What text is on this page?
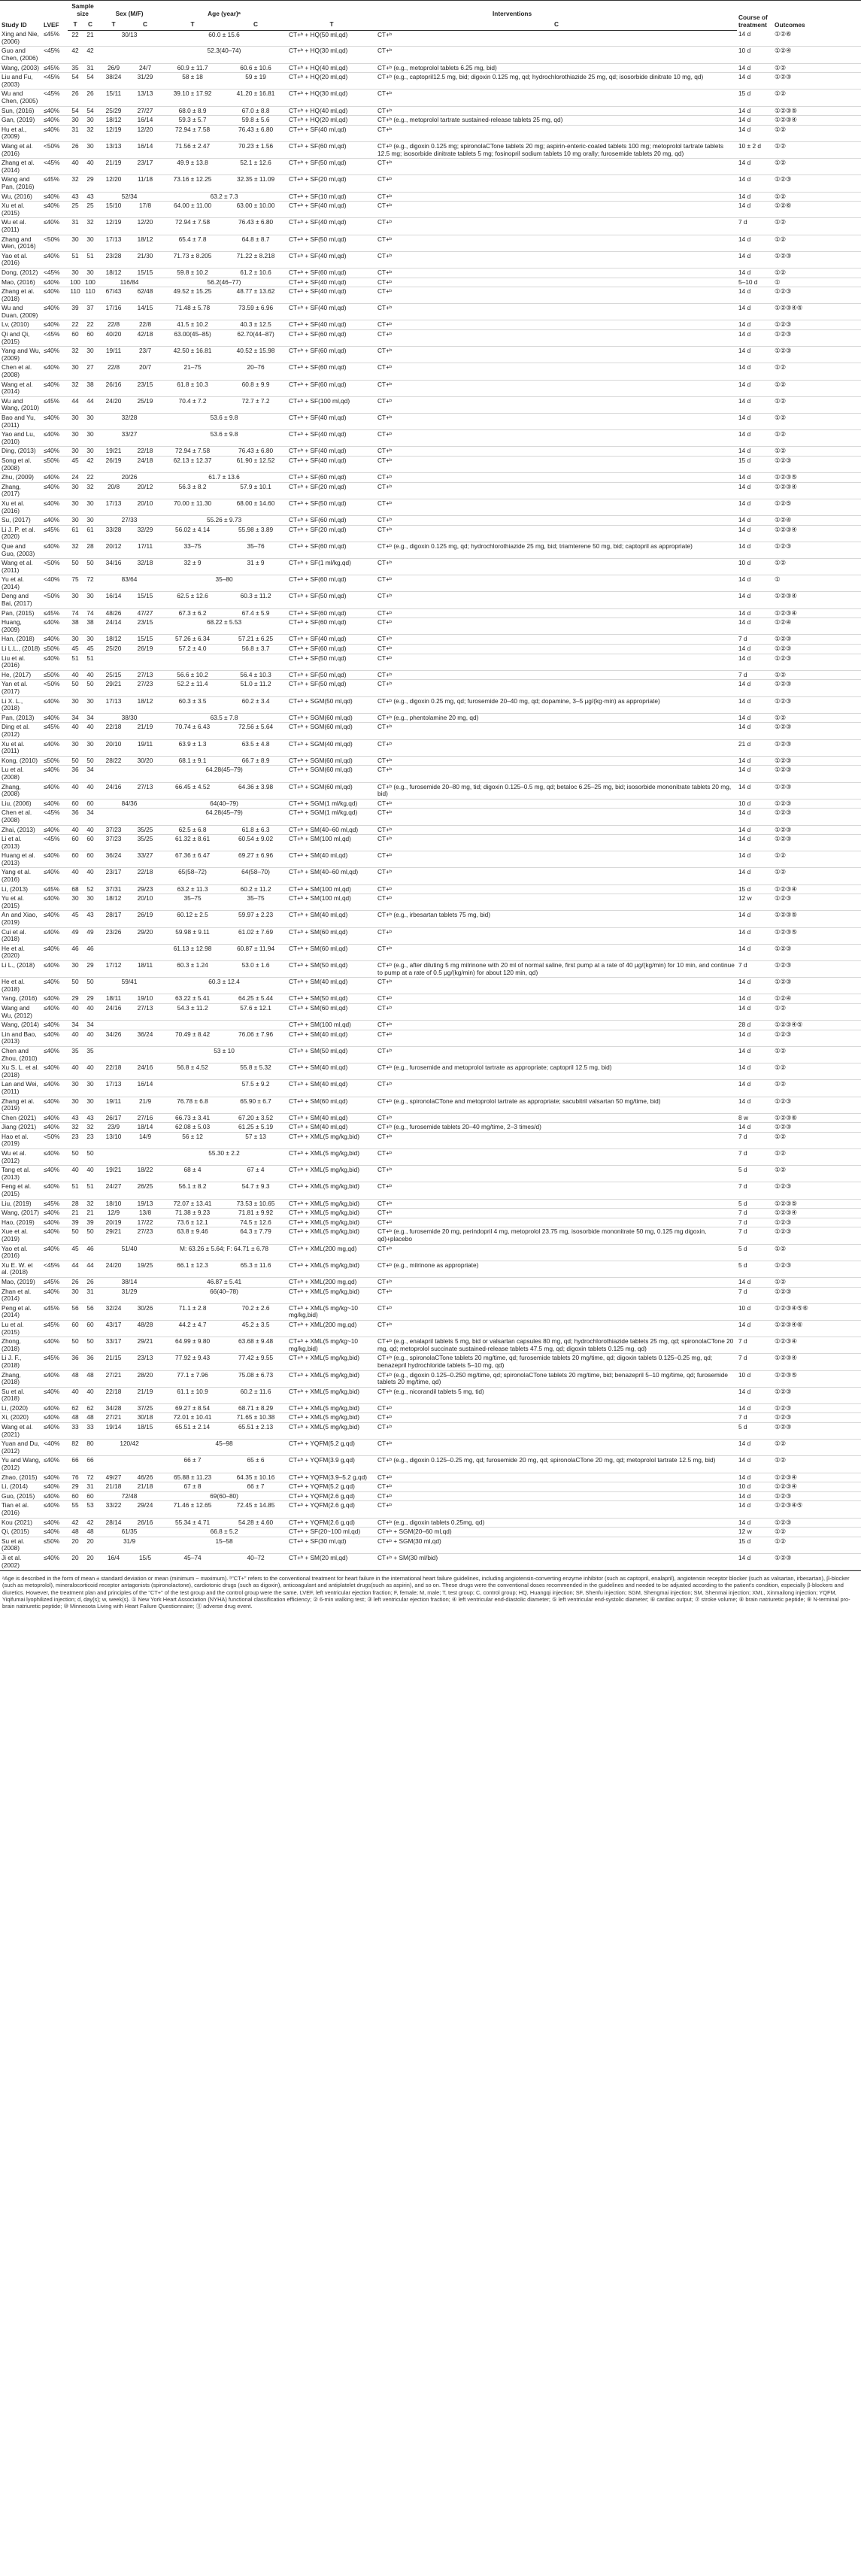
Study ID	LVEF	Sample size		Sex (M/F)		Age (year)ᵃ		Interventions		Course of treatment	Outcomes
		T	C	T	C	T	C	T	C		
Xing and Nie, (2006)	≤45%	22	21	30/13		60.0 ± 15.6		CT+ᵇ + HQ(50 ml,qd)	CT+ᵇ	14 d	①②⑥
Guo and Chen, (2006)	<45%	42	42			52.3(40–74)		CT+ᵇ + HQ(30 ml,qd)	CT+ᵇ	10 d	①②④
Wang, (2003)	≤45%	35	31	26/9	24/7	60.9 ± 11.7	60.6 ± 10.6	CT+ᵇ + HQ(40 ml,qd)	CT+ᵇ (e.g., metoprolol tablets 6.25 mg, bid)	14 d	①②
Liu and Fu, (2003)	<45%	54	54	38/24	31/29	58 ± 18	59 ± 19	CT+ᵇ + HQ(20 ml,qd)	CT+ᵇ (e.g., captopril12.5 mg, bid; digoxin 0.125 mg, qd; hydrochlorothiazide 25 mg, qd; isosorbide dinitrate 10 mg, qd)	14 d	①②③
Wu and Chen, (2005)	<45%	26	26	15/11	13/13	39.10 ± 17.92	41.20 ± 16.81	CT+ᵇ + HQ(30 ml,qd)	CT+ᵇ	15 d	①②
Sun, (2016)	≤40%	54	54	25/29	27/27	68.0 ± 8.9	67.0 ± 8.8	CT+ᵇ + HQ(40 ml,qd)	CT+ᵇ	14 d	①②③⑤
Gan, (2019)	≤40%	30	30	18/12	16/14	59.3 ± 5.7	59.8 ± 5.6	CT+ᵇ + HQ(20 ml,qd)	CT+ᵇ (e.g., metoprolol tartrate sustained-release tablets 25 mg, qd)	14 d	①②③④
Hu et al., (2009)	≤40%	31	32	12/19	12/20	72.94 ± 7.58	76.43 ± 6.80	CT+ᵇ + SF(40 ml,qd)	CT+ᵇ	14 d	①②
Wang et al. (2016)	<50%	26	30	13/13	16/14	71.56 ± 2.47	70.23 ± 1.56	CT+ᵇ + SF(60 ml,qd)	CT+ᵇ (e.g., digoxin 0.125 mg; spironolaCTone tablets 20 mg; aspirin-enteric-coated tablets 100 mg; metoprolol tartrate tablets 12.5 mg; isosorbide dinitrate tablets 5 mg; fosinopril sodium tablets 10 mg orally; furosemide tablets 20 mg, qd)	10 ± 2 d	①②
Zhang et al. (2014)	<45%	40	40	21/19	23/17	49.9 ± 13.8	52.1 ± 12.6	CT+ᵇ + SF(50 ml,qd)	CT+ᵇ	14 d	①②
Wang and Pan, (2016)	≤45%	32	29	12/20	11/18	73.16 ± 12.25	32.35 ± 11.09	CT+ᵇ + SF(20 ml,qd)	CT+ᵇ	14 d	①②③
Wu, (2016)	≤40%	43	43	52/34		63.2 ± 7.3		CT+ᵇ + SF(10 ml,qd)	CT+ᵇ	14 d	①②
Xu et al. (2015)	≤40%	25	25	15/10	17/8	64.00 ± 11.00	63.00 ± 10.00	CT+ᵇ + SF(40 ml,qd)	CT+ᵇ	14 d	①②⑥
Wu et al. (2011)	≤40%	31	32	12/19	12/20	72.94 ± 7.58	76.43 ± 6.80	CT+ᵇ + SF(40 ml,qd)	CT+ᵇ	7 d	①②
Zhang and Wen, (2016)	<50%	30	30	17/13	18/12	65.4 ± 7.8	64.8 ± 8.7	CT+ᵇ + SF(50 ml,qd)	CT+ᵇ	14 d	①②
Yao et al. (2016)	≤40%	51	51	23/28	21/30	71.73 ± 8.205	71.22 ± 8.218	CT+ᵇ + SF(40 ml,qd)	CT+ᵇ	14 d	①②③
Dong, (2012)	<45%	30	30	18/12	15/15	59.8 ± 10.2	61.2 ± 10.6	CT+ᵇ + SF(60 ml,qd)	CT+ᵇ	14 d	①②
Mao, (2016)	≤40%	100	100	116/84		56.2(46–77)		CT+ᵇ + SF(40 ml,qd)	CT+ᵇ	5–10 d	①
Zhang et al. (2018)	≤40%	110	110	67/43	62/48	49.52 ± 15.25	48.77 ± 13.62	CT+ᵇ + SF(40 ml,qd)	CT+ᵇ	14 d	①②③
Wu and Duan, (2009)	≤40%	39	37	17/16	14/15	71.48 ± 5.78	73.59 ± 6.96	CT+ᵇ + SF(40 ml,qd)	CT+ᵇ	14 d	①②③④⑤
Lv, (2010)	≤40%	22	22	22/8	22/8	41.5 ± 10.2	40.3 ± 12.5	CT+ᵇ + SF(40 ml,qd)	CT+ᵇ	14 d	①②③
Qi and Qi, (2015)	<45%	60	60	40/20	42/18	63.00(45–85)	62.70(44–87)	CT+ᵇ + SF(60 ml,qd)	CT+ᵇ	14 d	①②③
Yang and Wu, (2009)	≤40%	32	30	19/11	23/7	42.50 ± 16.81	40.52 ± 15.98	CT+ᵇ + SF(60 ml,qd)	CT+ᵇ	14 d	①②③
Chen et al. (2008)	≤40%	30	27	22/8	20/7	21–75	20–76	CT+ᵇ + SF(60 ml,qd)	CT+ᵇ	14 d	①②
Wang et al. (2014)	≤40%	32	38	26/16	23/15	61.8 ± 10.3	60.8 ± 9.9	CT+ᵇ + SF(60 ml,qd)	CT+ᵇ	14 d	①②
Wu and Wang, (2010)	≤45%	44	44	24/20	25/19	70.4 ± 7.2	72.7 ± 7.2	CT+ᵇ + SF(100 ml,qd)	CT+ᵇ	14 d	①②
Bao and Yu, (2011)	≤40%	30	30	32/28		53.6 ± 9.8		CT+ᵇ + SF(40 ml,qd)	CT+ᵇ	14 d	①②
Yao and Lu, (2010)	≤40%	30	30	33/27		53.6 ± 9.8		CT+ᵇ + SF(40 ml,qd)	CT+ᵇ	14 d	①②
Ding, (2013)	≤40%	30	30	19/21	22/18	72.94 ± 7.58	76.43 ± 6.80	CT+ᵇ + SF(40 ml,qd)	CT+ᵇ	14 d	①②
Song et al. (2008)	≤50%	45	42	26/19	24/18	62.13 ± 12.37	61.90 ± 12.52	CT+ᵇ + SF(40 ml,qd)	CT+ᵇ	15 d	①②③
Zhu, (2009)	≤40%	24	22	20/26		61.7 ± 13.6		CT+ᵇ + SF(60 ml,qd)	CT+ᵇ	14 d	①②③⑤
Zhang, (2017)	≤40%	30	32	20/8	20/12	56.3 ± 8.2	57.9 ± 10.1	CT+ᵇ + SF(20 ml,qd)	CT+ᵇ	14 d	①②③④
Xu et al. (2016)	≤40%	30	30	17/13	20/10	70.00 ± 11.30	68.00 ± 14.60	CT+ᵇ + SF(50 ml,qd)	CT+ᵇ	14 d	①②⑤
Su, (2017)	≤40%	30	30	27/33		55.26 ± 9.73		CT+ᵇ + SF(60 ml,qd)	CT+ᵇ	14 d	①②④
Li J. P. et al. (2020)	≤45%	61	61	33/28	32/29	56.02 ± 4.14	55.98 ± 3.89	CT+ᵇ + SF(20 ml,qd)	CT+ᵇ	14 d	①②③④
Que and Guo, (2003)	≤40%	32	28	20/12	17/11	33–75	35–76	CT+ᵇ + SF(60 ml,qd)	CT+ᵇ (e.g., digoxin 0.125 mg, qd; hydrochlorothiazide 25 mg, bid; triamterene 50 mg, bid; captopril as appropriate)	14 d	①②③
Wang et al. (2011)	<50%	50	50	34/16	32/18	32 ± 9	31 ± 9	CT+ᵇ + SF(1 ml/kg,qd)	CT+ᵇ	10 d	①②
Yu et al. (2014)	<40%	75	72	83/64		35–80		CT+ᵇ + SF(60 ml,qd)	CT+ᵇ	14 d	①
Deng and Bai, (2017)	<50%	30	30	16/14	15/15	62.5 ± 12.6	60.3 ± 11.2	CT+ᵇ + SF(50 ml,qd)	CT+ᵇ	14 d	①②③④
Pan, (2015)	≤45%	74	74	48/26	47/27	67.3 ± 6.2	67.4 ± 5.9	CT+ᵇ + SF(60 ml,qd)	CT+ᵇ	14 d	①②③④
Huang, (2009)	≤40%	38	38	24/14	23/15	68.22 ± 5.53		CT+ᵇ + SF(60 ml,qd)	CT+ᵇ	14 d	①②④
Han, (2018)	≤40%	30	30	18/12	15/15	57.26 ± 6.34	57.21 ± 6.25	CT+ᵇ + SF(40 ml,qd)	CT+ᵇ	7 d	①②③
Li L.L., (2018)	≤50%	45	45	25/20	26/19	57.2 ± 4.0	56.8 ± 3.7	CT+ᵇ + SF(60 ml,qd)	CT+ᵇ	14 d	①②③
Liu et al. (2016)	≤40%	51	51					CT+ᵇ + SF(50 ml,qd)	CT+ᵇ	14 d	①②③
He, (2017)	≤50%	40	40	25/15	27/13	56.6 ± 10.2	56.4 ± 10.3	CT+ᵇ + SF(50 ml,qd)	CT+ᵇ	7 d	①②
Yan et al. (2017)	<50%	50	50	29/21	27/23	52.2 ± 11.4	51.0 ± 11.2	CT+ᵇ + SF(50 ml,qd)	CT+ᵇ	14 d	①②③
Li X. L., (2018)	≤40%	30	30	17/13	18/12	60.3 ± 3.5	60.2 ± 3.4	CT+ᵇ + SGM(50 ml,qd)	CT+ᵇ (e.g., digoxin 0.25 mg, qd; furosemide 20–40 mg, qd; dopamine, 3–5 μg/(kg·min) as appropriate)	14 d	①②③
Pan, (2013)	≤40%	34	34	38/30		63.5 ± 7.8		CT+ᵇ + SGM(60 ml,qd)	CT+ᵇ (e.g., phentolamine 20 mg, qd)	14 d	①②
Ding et al. (2012)	≤45%	40	40	22/18	21/19	70.74 ± 6.43	72.56 ± 5.64	CT+ᵇ + SGM(60 ml,qd)	CT+ᵇ	14 d	①②③
Xu et al. (2011)	≤40%	30	30	20/10	19/11	63.9 ± 1.3	63.5 ± 4.8	CT+ᵇ + SGM(40 ml,qd)	CT+ᵇ	21 d	①②③
Kong, (2010)	≤50%	50	50	28/22	30/20	68.1 ± 9.1	66.7 ± 8.9	CT+ᵇ + SGM(60 ml,qd)	CT+ᵇ	14 d	①②③
Lu et al. (2008)	≤40%	36	34			64.28(45–79)		CT+ᵇ + SGM(60 ml,qd)	CT+ᵇ	14 d	①②③
Zhang, (2008)	≤40%	40	40	24/16	27/13	66.45 ± 4.52	64.36 ± 3.98	CT+ᵇ + SGM(60 ml,qd)	CT+ᵇ (e.g., furosemide 20–80 mg, tid; digoxin 0.125–0.5 mg, qd; betaloc 6.25–25 mg, bid; isosorbide mononitrate tablets 20 mg, bid)	14 d	①②③
Liu, (2006)	≤40%	60	60	84/36		64(40–79)		CT+ᵇ + SGM(1 ml/kg,qd)	CT+ᵇ	10 d	①②③
Chen et al. (2008)	<45%	36	34			64.28(45–79)		CT+ᵇ + SGM(1 ml/kg,qd)	CT+ᵇ	14 d	①②③
Zhai, (2013)	≤40%	40	40	37/23	35/25	62.5 ± 6.8	61.8 ± 6.3	CT+ᵇ + SM(40–60 ml,qd)	CT+ᵇ	14 d	①②③
Li et al. (2013)	<45%	60	60	37/23	35/25	61.32 ± 8.61	60.54 ± 9.02	CT+ᵇ + SM(100 ml,qd)	CT+ᵇ	14 d	①②③
Huang et al. (2013)	≤40%	60	60	36/24	33/27	67.36 ± 6.47	69.27 ± 6.96	CT+ᵇ + SM(40 ml,qd)	CT+ᵇ	14 d	①②
Yang et al. (2016)	≤40%	40	40	23/17	22/18	65(58–72)	64(58–70)	CT+ᵇ + SM(40–60 ml,qd)	CT+ᵇ	14 d	①②
Li, (2013)	≤45%	68	52	37/31	29/23	63.2 ± 11.3	60.2 ± 11.2	CT+ᵇ + SM(100 ml,qd)	CT+ᵇ	15 d	①②③④
Yu et al. (2015)	≤40%	30	30	18/12	20/10	35–75	35–75	CT+ᵇ + SM(100 ml,qd)	CT+ᵇ	12 w	①②③
An and Xiao, (2019)	≤40%	45	43	28/17	26/19	60.12 ± 2.5	59.97 ± 2.23	CT+ᵇ + SM(40 ml,qd)	CT+ᵇ (e.g., irbesartan tablets 75 mg, bid)	14 d	①②③⑤
Cui et al. (2018)	≤40%	49	49	23/26	29/20	59.98 ± 9.11	61.02 ± 7.69	CT+ᵇ + SM(60 ml,qd)	CT+ᵇ	14 d	①②③⑤
He et al. (2020)	≤40%	46	46			61.13 ± 12.98	60.87 ± 11.94	CT+ᵇ + SM(60 ml,qd)	CT+ᵇ	14 d	①②③
Li L., (2018)	≤40%	30	29	17/12	18/11	60.3 ± 1.24	53.0 ± 1.6	CT+ᵇ + SM(50 ml,qd)	CT+ᵇ (e.g., after diluting 5 mg milrinone with 20 ml of normal saline, first pump at a rate of 40 μg/(kg/min) for 10 min, and continue to pump at a rate of 0.5 μg/(kg/min) for about 120 min, qd)	7 d	①②③
He et al. (2018)	≤40%	50	50	59/41		60.3 ± 12.4		CT+ᵇ + SM(40 ml,qd)	CT+ᵇ	14 d	①②③
Yang, (2016)	≤40%	29	29	18/11	19/10	63.22 ± 5.41	64.25 ± 5.44	CT+ᵇ + SM(50 ml,qd)	CT+ᵇ	14 d	①②④
Wang and Wu, (2012)	≤40%	40	40	24/16	27/13	54.3 ± 11.2	57.6 ± 12.1	CT+ᵇ + SM(60 ml,qd)	CT+ᵇ	14 d	①②
Wang, (2014)	≤40%	34	34					CT+ᵇ + SM(100 ml,qd)	CT+ᵇ	28 d	①②③④⑤
Lin and Bao, (2013)	≤40%	40	40	34/26	36/24	70.49 ± 8.42	76.06 ± 7.96	CT+ᵇ + SM(40 ml,qd)	CT+ᵇ	14 d	①②③
Chen and Zhou, (2010)	≤40%	35	35			53 ± 10		CT+ᵇ + SM(50 ml,qd)	CT+ᵇ	14 d	①②
Xu S. L. et al. (2018)	≤40%	40	40	22/18	24/16	56.8 ± 4.52	55.8 ± 5.32	CT+ᵇ + SM(40 ml,qd)	CT+ᵇ (e.g., furosemide and metoprolol tartrate as appropriate; captopril 12.5 mg, bid)	14 d	①②
Lan and Wei, (2011)	≤40%	30	30	17/13	16/14		57.5 ± 9.2	CT+ᵇ + SM(40 ml,qd)	CT+ᵇ	14 d	①②
Zhang et al. (2019)	≤40%	30	30	19/11	21/9	76.78 ± 6.8	65.90 ± 6.7	CT+ᵇ + SM(60 ml,qd)	CT+ᵇ (e.g., spironolaCTone and metoprolol tartrate as appropriate; sacubitril valsartan 50 mg/time, bid)	14 d	①②③
Chen (2021)	≤40%	43	43	26/17	27/16	66.73 ± 3.41	67.20 ± 3.52	CT+ᵇ + SM(40 ml,qd)	CT+ᵇ	8 w	①②③⑥
Jiang (2021)	≤40%	32	32	23/9	18/14	62.08 ± 5.03	61.25 ± 5.19	CT+ᵇ + SM(40 ml,qd)	CT+ᵇ (e.g., furosemide tablets 20–40 mg/time, 2–3 times/d)	14 d	①②③
Hao et al. (2019)	<50%	23	23	13/10	14/9	56 ± 12	57 ± 13	CT+ᵇ + XML(5 mg/kg,bid)	CT+ᵇ	7 d	①②
Wu et al. (2012)	≤40%	50	50			55.30 ± 2.2		CT+ᵇ + XML(5 mg/kg,bid)	CT+ᵇ	7 d	①②
Tang et al. (2013)	≤40%	40	40	19/21	18/22	68 ± 4	67 ± 4	CT+ᵇ + XML(5 mg/kg,bid)	CT+ᵇ	5 d	①②
Feng et al. (2015)	≤40%	51	51	24/27	26/25	56.1 ± 8.2	54.7 ± 9.3	CT+ᵇ + XML(5 mg/kg,bid)	CT+ᵇ	7 d	①②③
Liu, (2019)	≤45%	28	32	18/10	19/13	72.07 ± 13.41	73.53 ± 10.65	CT+ᵇ + XML(5 mg/kg,bid)	CT+ᵇ	5 d	①②③⑤
Wang, (2017)	≤40%	21	21	12/9	13/8	71.38 ± 9.23	71.81 ± 9.92	CT+ᵇ + XML(5 mg/kg,bid)	CT+ᵇ	7 d	①②③④
Hao, (2019)	≤40%	39	39	20/19	17/22	73.6 ± 12.1	74.5 ± 12.6	CT+ᵇ + XML(5 mg/kg,bid)	CT+ᵇ	7 d	①②③
Xue et al. (2019)	≤40%	50	50	29/21	27/23	63.8 ± 9.46	64.3 ± 7.79	CT+ᵇ + XML(5 mg/kg,bid)	CT+ᵇ (e.g., furosemide 20 mg, perindopril 4 mg, metoprolol 23.75 mg, isosorbide mononitrate 50 mg, 0.125 mg digoxin, qd)+placebo	7 d	①②③
Yao et al. (2016)	≤40%	45	46	51/40		M: 63.26 ± 5.64; F: 64.71 ± 6.78		CT+ᵇ + XML(200 mg,qd)	CT+ᵇ	5 d	①②
Xu E. W. et al. (2018)	<45%	44	44	24/20	19/25	66.1 ± 12.3	65.3 ± 11.6	CT+ᵇ + XML(5 mg/kg,bid)	CT+ᵇ (e.g., milrinone as appropriate)	5 d	①②③
Mao, (2019)	≤45%	26	26	38/14		46.87 ± 5.41		CT+ᵇ + XML(200 mg,qd)	CT+ᵇ	14 d	①②
Zhan et al. (2014)	≤40%	30	31	31/29		66(40–78)		CT+ᵇ + XML(5 mg/kg,bid)	CT+ᵇ	7 d	①②③
Peng et al. (2014)	≤45%	56	56	32/24	30/26	71.1 ± 2.8	70.2 ± 2.6	CT+ᵇ + XML(5 mg/kg~10 mg/kg,bid)	CT+ᵇ	10 d	①②③④⑤⑥
Lu et al. (2015)	≤45%	60	60	43/17	48/28	44.2 ± 4.7	45.2 ± 3.5	CT+ᵇ + XML(200 mg,qd)	CT+ᵇ	14 d	①②③④⑥
Zhong, (2018)	≤40%	50	50	33/17	29/21	64.99 ± 9.80	63.68 ± 9.48	CT+ᵇ + XML(5 mg/kg~10 mg/kg,bid)	CT+ᵇ (e.g., enalapril tablets 5 mg, bid or valsartan capsules 80 mg, qd; hydrochlorothiazide tablets 25 mg, qd; spironolaCTone 20 mg, qd; metoprolol succinate sustained-release tablets 47.5 mg, qd; digoxin tablets 0.125 mg, qd)	7 d	①②③④
Li J. F., (2018)	≤45%	36	36	21/15	23/13	77.92 ± 9.43	77.42 ± 9.55	CT+ᵇ + XML(5 mg/kg,bid)	CT+ᵇ (e.g., spironolaCTone tablets 20 mg/time, qd; furosemide tablets 20 mg/time, qd; digoxin tablets 0.125–0.25 mg, qd; benazepril hydrochloride tablets 5–10 mg, qd)	7 d	①②③④
Zhang, (2018)	≤40%	48	48	27/21	28/20	77.1 ± 7.96	75.08 ± 6.73	CT+ᵇ + XML(5 mg/kg,bid)	CT+ᵇ (e.g., digoxin 0.125–0.250 mg/time, qd; spironolaCTone tablets 20 mg/time, bid; benazepril 5–10 mg/time, qd; furosemide tablets 20 mg/time, qd)	10 d	①②③⑤
Su et al. (2018)	≤40%	40	40	22/18	21/19	61.1 ± 10.9	60.2 ± 11.6	CT+ᵇ + XML(5 mg/kg,bid)	CT+ᵇ (e.g., nicorandil tablets 5 mg, tid)	14 d	①②③
Li, (2020)	≤40%	62	62	34/28	37/25	69.27 ± 8.54	68.71 ± 8.29	CT+ᵇ + XML(5 mg/kg,bid)	CT+ᵇ	14 d	①②③
Xi, (2020)	≤40%	48	48	27/21	30/18	72.01 ± 10.41	71.65 ± 10.38	CT+ᵇ + XML(5 mg/kg,bid)	CT+ᵇ	7 d	①②③
Wang et al. (2021)	≤40%	33	33	19/14	18/15	65.51 ± 2.14	65.51 ± 2.13	CT+ᵇ + XML(5 mg/kg,bid)	CT+ᵇ	5 d	①②③
Yuan and Du, (2012)	<40%	82	80	120/42		45–98		CT+ᵇ + YQFM(5.2 g,qd)	CT+ᵇ	14 d	①②
Yu and Wang, (2012)	≤40%	66	66			66 ± 7	65 ± 6	CT+ᵇ + YQFM(3.9 g,qd)	CT+ᵇ (e.g., digoxin 0.125–0.25 mg, qd; furosemide 20 mg, qd; spironolaCTone 20 mg, qd; metoprolol tartrate 12.5 mg, bid)	14 d	①②
Zhao, (2015)	≤40%	76	72	49/27	46/26	65.88 ± 11.23	64.35 ± 10.16	CT+ᵇ + YQFM(3.9–5.2 g,qd)	CT+ᵇ	14 d	①②③④
Li, (2014)	≤40%	29	31	21/18	21/18	67 ± 8	66 ± 7	CT+ᵇ + YQFM(5.2 g,qd)	CT+ᵇ	10 d	①②③④
Guo, (2015)	≤40%	60	60	72/48		69(60–80)		CT+ᵇ + YQFM(2.6 g,qd)	CT+ᵇ	14 d	①②③
Tian et al. (2016)	≤40%	55	53	33/22	29/24	71.46 ± 12.65	72.45 ± 14.85	CT+ᵇ + YQFM(2.6 g,qd)	CT+ᵇ	14 d	①②③④⑤
Kou (2021)	≤40%	42	42	28/14	26/16	55.34 ± 4.71	54.28 ± 4.60	CT+ᵇ + YQFM(2.6 g,qd)	CT+ᵇ (e.g., digoxin tablets 0.25mg, qd)	14 d	①②③
Qi, (2015)	≤40%	48	48	61/35		66.8 ± 5.2		CT+ᵇ + SF(20~100 ml,qd)	CT+ᵇ + SGM(20–60 ml,qd)	12 w	①②
Su et al. (2008)	≤50%	20	20	31/9		15–58		CT+ᵇ + SF(30 ml,qd)	CT+ᵇ + SGM(30 ml,qd)	15 d	①②
Ji et al. (2002)	≤40%	20	20	16/4	15/5	45–74	40–72	CT+ᵇ + SM(20 ml,qd)	CT+ᵇ + SM(30 ml/bid)	14 d	①②③
ᵃAge is described in the form of mean ± standard deviation or mean (minimum ~ maximum). ᵇ"CT+" refers to the conventional treatment for heart failure in the international heart failure guidelines, including angiotensin-converting enzyme inhibitor (such as captopril, enalapril), angiotensin receptor blocker (such as valsartan, irbesartan), β-blocker (such as metoprolol), mineralocorticoid receptor antagonists (spironolactone), cardiotonic drugs (such as digoxin), anticoagulant and antiplatelet drugs(such as aspirin), and so on. These drugs were the conventional doses recommended in the guidelines and needed to be adjusted according to the patient's condition, especially β-blockers and diuretics. However, the treatment plan and principles of the "CT+" of the test group and the control group were the same. LVEF, left ventricular ejection fraction; F, female; M, male; T, test group; C, control group; HQ, Huangqi injection; SF, Shenfu injection; SGM, Shengmai injection; SM, Shenmai injection; XML, Xinmailong injection; YQFM, Yiqifumai lyophilized injection; d, day(s); w, week(s). ① New York Heart Association (NYHA) functional classification efficiency; ② 6-min walking test; ③ left ventricular ejection fraction; ④ left ventricular end-diastolic diameter; ⑤ left ventricular end-systolic diameter; ⑥ cardiac output; ⑦ stroke volume; ⑧ brain natriuretic peptide; ⑨ N-terminal pro-brain natriuretic peptide; ⑩ Minnesota Living with Heart Failure Questionnaire; ⑪ adverse drug event.
